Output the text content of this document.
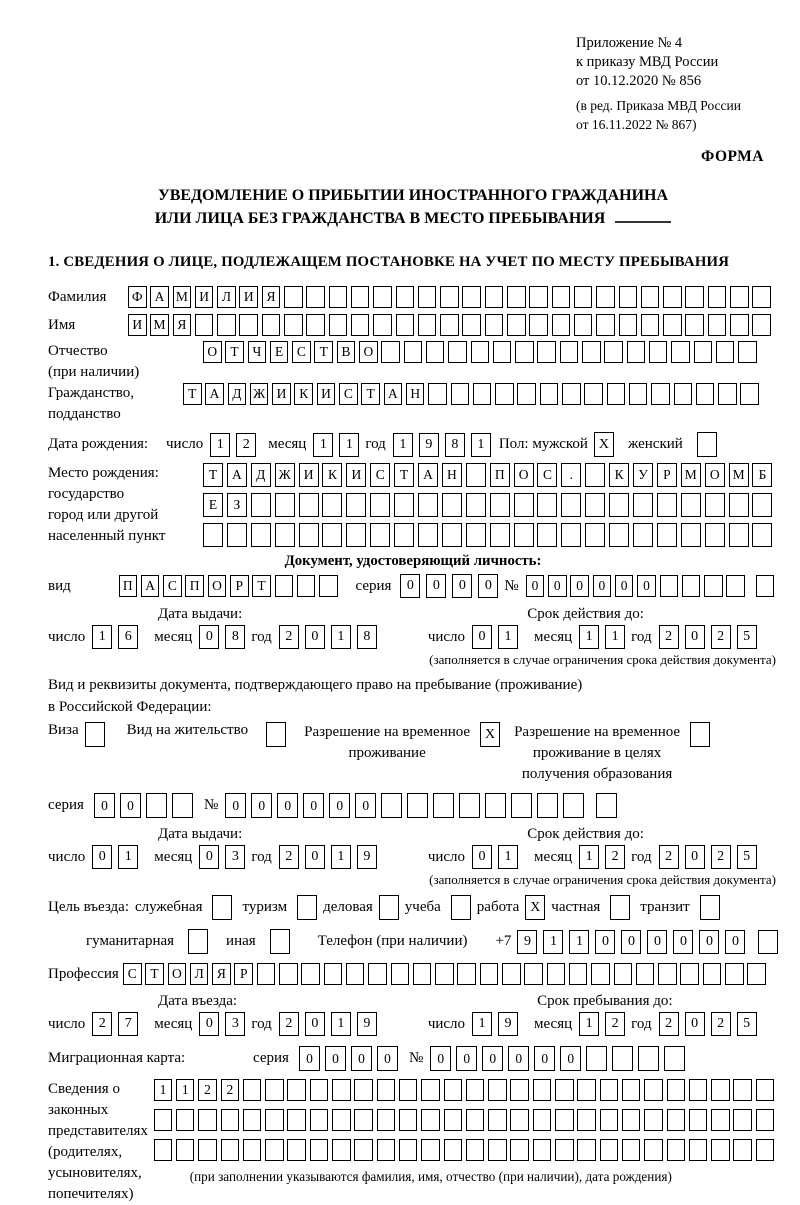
Приложение № 4
к приказу МВД России
от 10.12.2020 № 856
(в ред. Приказа МВД России
от 16.11.2022 № 867)
ФОРМА
УВЕДОМЛЕНИЕ О ПРИБЫТИИ ИНОСТРАННОГО ГРАЖДАНИНА
ИЛИ ЛИЦА БЕЗ ГРАЖДАНСТВА В МЕСТО ПРЕБЫВАНИЯ
1. СВЕДЕНИЯ О ЛИЦЕ, ПОДЛЕЖАЩЕМ ПОСТАНОВКЕ НА УЧЕТ ПО МЕСТУ ПРЕБЫВАНИЯ
Фамилия	Ф А М И Л И Я
Имя	И М Я
Отчество
(при наличии)
О Т	Ч	Е	С	Т	В О
Гражданство,
подданство
Т А Д Ж И К И С	Т А Н
Дата рождения:	число 1	2	месяц 1	1 год 1	9	8	1 Пол: мужской X	женский
Место рождения:
государство
город или другой
населенный пункт
Т	А	Д Ж И	К	И	С	Т	А	Н	П	О	С	.	К	У	Р	М О М	Б
Е	З
Документ, удостоверяющий личность:
вид	П А С П О	Р	Т	серия	0	0	0	0 № 0	0	0	0	0	0
Дата выдачи:	Срок действия до:
число 1	6	месяц 0	8 год 2	0	1	8	число 0	1	месяц 1	1 год 2	0	2	5
(заполняется в случае ограничения срока действия документа)
Вид и реквизиты документа, подтверждающего право на пребывание (проживание)
в Российской Федерации:
Виза	Вид на жительство	Разрешение на временное
проживание
X	Разрешение на временное
проживание в целях
получения образования
серия	0	0	№	0	0	0	0	0	0
Дата выдачи:	Срок действия до:
число 0	1	месяц 0	3 год 2	0	1	9	число 0	1	месяц 1	2 год 2	0	2	5
(заполняется в случае ограничения срока действия документа)
Цель въезда: служебная	туризм деловая учеба работа X частная	транзит
гуманитарная	иная	Телефон (при наличии) +7 9	1	1	0	0	0	0	0	0
Профессия С	Т О Л Я	Р
Дата въезда:	Срок пребывания до:
число 2	7	месяц 0	3 год 2	0	1	9	число 1	9	месяц 1	2 год 2	0	2	5
Миграционная карта:	серия	0	0	0	0	№	0	0	0	0	0	0
Сведения о
законных
представителях
(родителях,
усыновителях,
попечителях)
1	1	2	2
(при заполнении указываются фамилия, имя, отчество (при наличии), дата рождения)
